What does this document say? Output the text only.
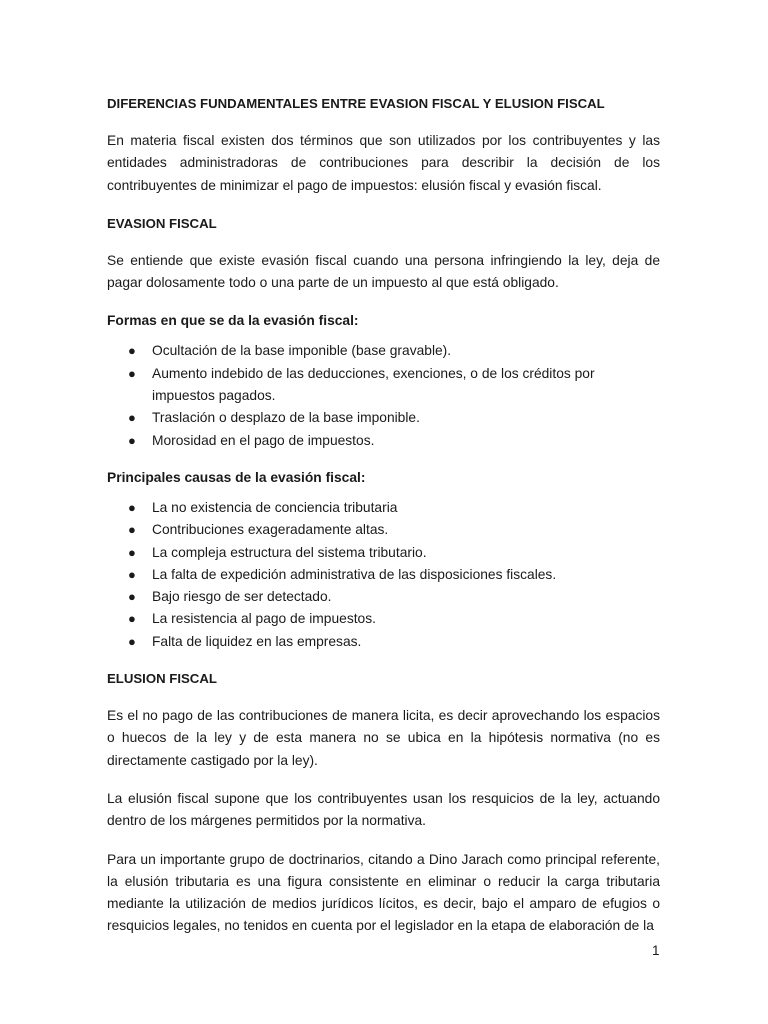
DIFERENCIAS FUNDAMENTALES ENTRE EVASION FISCAL Y ELUSION FISCAL
En materia fiscal existen dos términos que son utilizados por los contribuyentes y las entidades administradoras de contribuciones para describir la decisión de los contribuyentes de minimizar el pago de impuestos: elusión fiscal y evasión fiscal.
EVASION FISCAL
Se entiende que existe evasión fiscal cuando una persona infringiendo la ley, deja de pagar dolosamente todo o una parte de un impuesto al que está obligado.
Formas en que se da la evasión fiscal:
● Ocultación de la base imponible (base gravable).
● Aumento indebido de las deducciones, exenciones, o de los créditos por impuestos pagados.
● Traslación o desplazo de la base imponible.
● Morosidad en el pago de impuestos.
Principales causas de la evasión fiscal:
● La no existencia de conciencia tributaria
● Contribuciones exageradamente altas.
● La compleja estructura del sistema tributario.
● La falta de expedición administrativa de las disposiciones fiscales.
● Bajo riesgo de ser detectado.
● La resistencia al pago de impuestos.
● Falta de liquidez en las empresas.
ELUSION FISCAL
Es el no pago de las contribuciones de manera licita, es decir aprovechando los espacios o huecos de la ley y de esta manera no se ubica en la hipótesis normativa (no es directamente castigado por la ley).
La elusión fiscal supone que los contribuyentes usan los resquicios de la ley, actuando dentro de los márgenes permitidos por la normativa.
Para un importante grupo de doctrinarios, citando a Dino Jarach como principal referente, la elusión tributaria es una figura consistente en eliminar o reducir la carga tributaria mediante la utilización de medios jurídicos lícitos, es decir, bajo el amparo de efugios o resquicios legales, no tenidos en cuenta por el legislador en la etapa de elaboración de la
1
